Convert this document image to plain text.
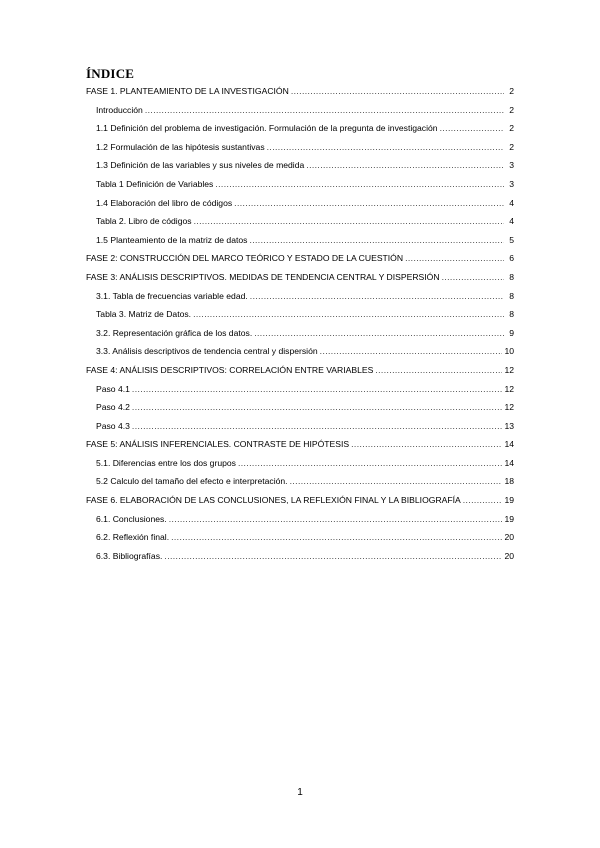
ÍNDICE
FASE 1. PLANTEAMIENTO DE LA INVESTIGACIÓN .....	2
Introducción .....	2
1.1 Definición del problema de investigación. Formulación de la pregunta de investigación .....	2
1.2 Formulación de las hipótesis sustantivas .....	2
1.3 Definición de las variables y sus niveles de medida .....	3
Tabla 1 Definición de Variables .....	3
1.4 Elaboración del libro de códigos .....	4
Tabla 2. Libro de códigos .....	4
1.5 Planteamiento de la matriz de datos .....	5
FASE 2: CONSTRUCCIÓN DEL MARCO TEÓRICO Y ESTADO DE LA CUESTIÓN .....	6
FASE 3: ANÁLISIS DESCRIPTIVOS. MEDIDAS DE TENDENCIA CENTRAL Y DISPERSIÓN .....	8
3.1. Tabla de frecuencias variable edad. .....	8
Tabla 3. Matriz de Datos. .....	8
3.2. Representación gráfica de los datos. .....	9
3.3. Análisis descriptivos de tendencia central y dispersión .....	10
FASE 4: ANÁLISIS DESCRIPTIVOS: CORRELACIÓN ENTRE VARIABLES .....	12
Paso 4.1 .....	12
Paso 4.2 .....	12
Paso 4.3 .....	13
FASE 5: ANÁLISIS INFERENCIALES. CONTRASTE DE HIPÓTESIS .....	14
5.1. Diferencias entre los dos grupos .....	14
5.2 Calculo del tamaño del efecto e interpretación. .....	18
FASE 6. ELABORACIÓN DE LAS CONCLUSIONES, LA REFLEXIÓN FINAL Y LA BIBLIOGRAFÍA .....	19
6.1. Conclusiones. .....	19
6.2. Reflexión final. .....	20
6.3. Bibliografías. .....	20
1
